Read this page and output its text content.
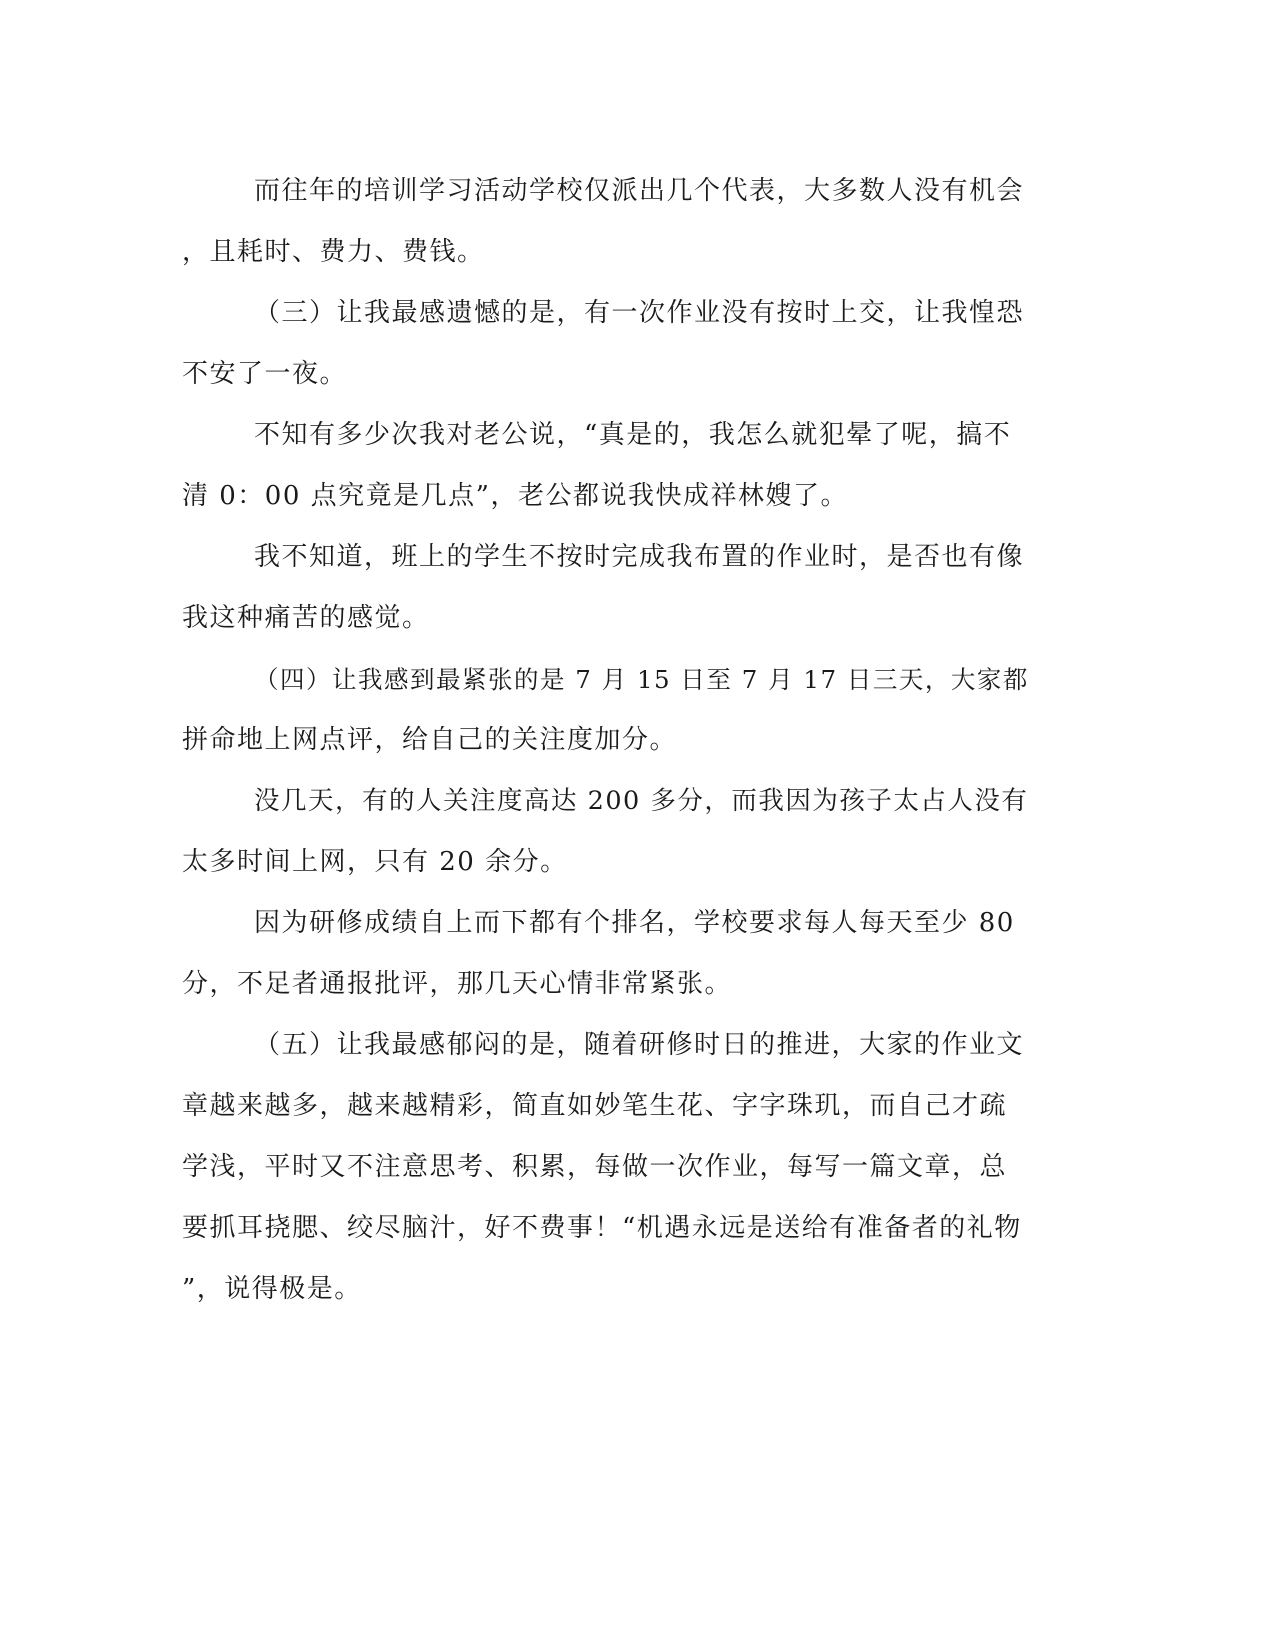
而往年的培训学习活动学校仅派出几个代表，大多数人没有机会
，且耗时、费力、费钱。

（三）让我最感遗憾的是，有一次作业没有按时上交，让我惶恐
不安了一夜。

不知有多少次我对老公说，“真是的，我怎么就犯晕了呢，搞不
清 0：00 点究竟是几点”，老公都说我快成祥林嫂了。

我不知道，班上的学生不按时完成我布置的作业时，是否也有像
我这种痛苦的感觉。

（四）让我感到最紧张的是 7 月 15 日至 7 月 17 日三天，大家都
拼命地上网点评，给自己的关注度加分。

没几天，有的人关注度高达 200 多分，而我因为孩子太占人没有
太多时间上网，只有 20 余分。

因为研修成绩自上而下都有个排名，学校要求每人每天至少 80
分，不足者通报批评，那几天心情非常紧张。

（五）让我最感郁闷的是，随着研修时日的推进，大家的作业文
章越来越多，越来越精彩，简直如妙笔生花、字字珠玑，而自己才疏
学浅，平时又不注意思考、积累，每做一次作业，每写一篇文章，总
要抓耳挠腮、绞尽脑汁，好不费事！“机遇永远是送给有准备者的礼物
”，说得极是。
